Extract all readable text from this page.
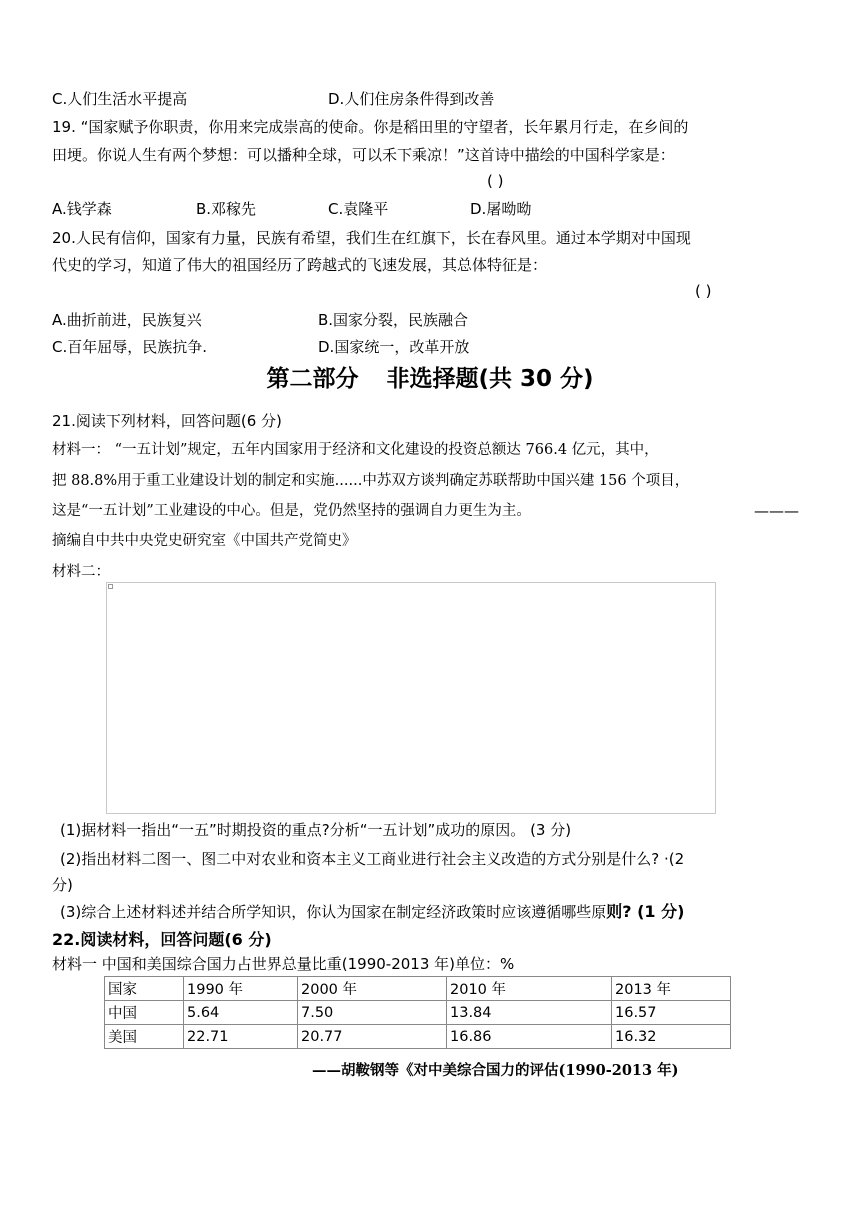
C.人们生活水平提高	D.人们住房条件得到改善
19. “国家赋予你职责，你用来完成崇高的使命。你是稻田里的守望者，长年累月行走，在乡间的
田埂。你说人生有两个梦想：可以播种全球，可以禾下乘凉！”这首诗中描绘的中国科学家是：
( )
A.钱学森	B.邓稼先	C.袁隆平	D.屠呦呦
20.人民有信仰，国家有力量，民族有希望，我们生在红旗下，长在春风里。通过本学期对中国现
代史的学习，知道了伟大的祖国经历了跨越式的飞速发展，其总体特征是：
( )
A.曲折前进，民族复兴	B.国家分裂，民族融合
C.百年屈辱，民族抗争.	D.国家统一，改革开放
第二部分 非选择题(共 30 分)
21.阅读下列材料，回答问题(6 分)
材料一： “一五计划”规定，五年内国家用于经济和文化建设的投资总额达 766.4 亿元，其中，
把 88.8%用于重工业建设计划的制定和实施......中苏双方谈判确定苏联帮助中国兴建 156 个项目，
这是“一五计划”工业建设的中心。但是，党仍然坚持的强调自力更生为主。	———
摘编自中共中央党史研究室《中国共产党简史》
材料二：
(1)据材料一指出“一五”时期投资的重点?分析“一五计划”成功的原因。 (3 分)
(2)指出材料二图一、图二中对农业和资本主义工商业进行社会主义改造的方式分别是什么? ·(2
分)
(3)综合上述材料述并结合所学知识，你认为国家在制定经济政策时应该遵循哪些原则? (1 分)
22.阅读材料，回答问题(6 分)
材料一 中国和美国综合国力占世界总量比重(1990-2013 年)单位：%
国家	1990 年	2000 年	2010 年	2013 年
中国	5.64	7.50	13.84	16.57
美国	22.71	20.77	16.86	16.32
——胡鞍钢等《对中美综合国力的评估(1990-2013 年)
